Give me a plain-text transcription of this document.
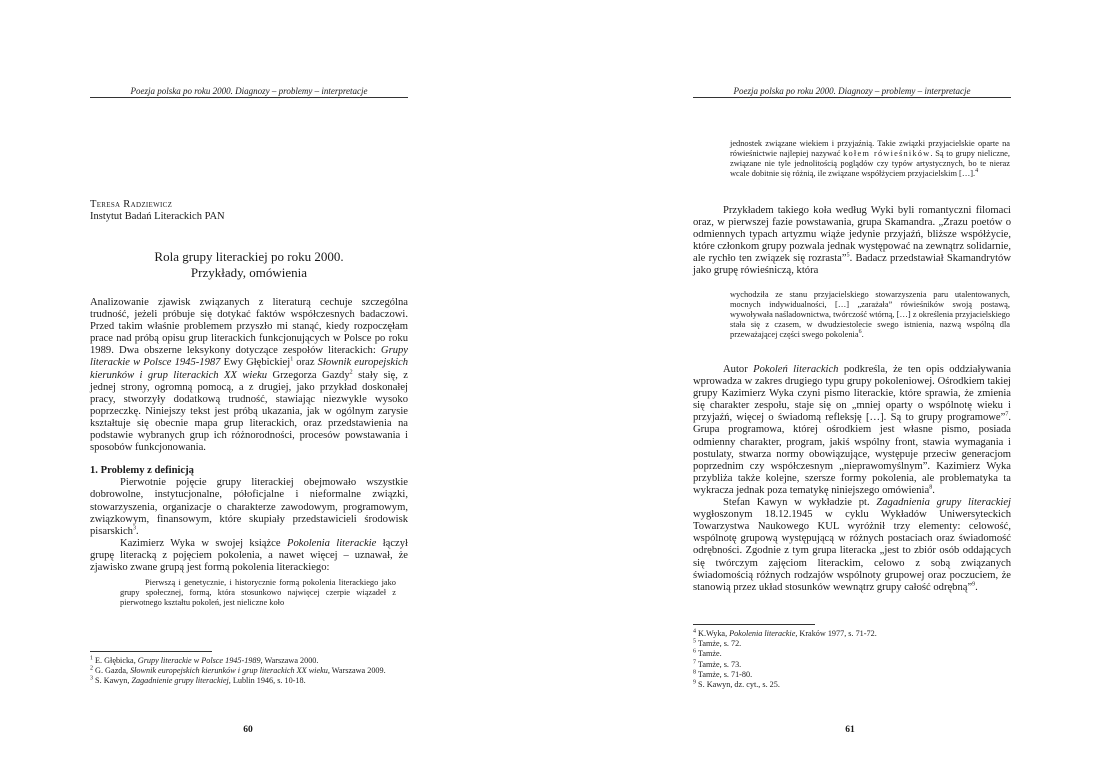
Poezja polska po roku 2000. Diagnozy – problemy – interpretacje
Teresa Radziewicz
Instytut Badań Literackich PAN
Rola grupy literackiej po roku 2000.
Przykłady, omówienia

Analizowanie zjawisk związanych z literaturą cechuje szczególna trudność, jeżeli próbuje się dotykać faktów współczesnych badaczowi. Przed takim właśnie problemem przyszło mi stanąć, kiedy rozpoczęłam prace nad próbą opisu grup literackich funkcjonujących w Polsce po roku 1989. Dwa obszerne leksykony dotyczące zespołów literackich: Grupy literackie w Polsce 1945-1987 Ewy Głębickiej$^1$ oraz Słownik europejskich kierunków i grup literackich XX wieku Grzegorza Gazdy$^2$ stały się, z jednej strony, ogromną pomocą, a z drugiej, jako przykład doskonałej pracy, stworzyły dodatkową trudność, stawiając niezwykle wysoko poprzeczkę. Niniejszy tekst jest próbą ukazania, jak w ogólnym zarysie kształtuje się obecnie mapa grup literackich, oraz przedstawienia na podstawie wybranych grup ich różnorodności, procesów powstawania i sposobów funkcjonowania.

1. Problemy z definicją

Pierwotnie pojęcie grupy literackiej obejmowało wszystkie dobrowolne, instytucjonalne, półoficjalne i nieformalne związki, stowarzyszenia, organizacje o charakterze zawodowym, programowym, związkowym, finansowym, które skupiały przedstawicieli środowisk pisarskich$^3$.

Kazimierz Wyka w swojej książce Pokolenia literackie łączył grupę literacką z pojęciem pokolenia, a nawet więcej – uznawał, że zjawisko zwane grupą jest formą pokolenia literackiego:

Pierwszą i genetycznie, i historycznie formą pokolenia literackiego jako grupy społecznej, formą, która stosunkowo najwięcej czerpie wiązadeł z pierwotnego kształtu pokoleń, jest nieliczne koło

$^1$ E. Głębicka, Grupy literackie w Polsce 1945-1989, Warszawa 2000.
$^2$ G. Gazda, Słownik europejskich kierunków i grup literackich XX wieku, Warszawa 2009.
$^3$ S. Kawyn, Zagadnienie grupy literackiej, Lublin 1946, s. 10-18.
60
Poezja polska po roku 2000. Diagnozy – problemy – interpretacje
jednostek związane wiekiem i przyjaźnią. Takie związki przyjacielskie oparte na rówieśnictwie najlepiej nazywać kołem rówieśników. Są to grupy nieliczne, związane nie tyle jednolitością poglądów czy typów artystycznych, bo te nieraz wcale dobitnie się różnią, ile związane współżyciem przyjacielskim […].$^4$

Przykładem takiego koła według Wyki byli romantyczni filomaci oraz, w pierwszej fazie powstawania, grupa Skamandra. „Zrazu poetów o odmiennych typach artyzmu wiąże jedynie przyjaźń, bliższe współżycie, które członkom grupy pozwala jednak występować na zewnątrz solidarnie, ale rychło ten związek się rozrasta”$^5$. Badacz przedstawiał Skamandrytów jako grupę rówieśniczą, która

wychodziła ze stanu przyjacielskiego stowarzyszenia paru utalentowanych, mocnych indywidualności, […] „zarażała” rówieśników swoją postawą, wywoływała naśladownictwa, twórczość wtórną, […] z określenia przyjacielskiego stała się z czasem, w dwudziestolecie swego istnienia, nazwą wspólną dla przeważającej części swego pokolenia$^6$.

Autor Pokoleń literackich podkreśla, że ten opis oddziaływania wprowadza w zakres drugiego typu grupy pokoleniowej. Ośrodkiem takiej grupy Kazimierz Wyka czyni pismo literackie, które sprawia, że zmienia się charakter zespołu, staje się on „mniej oparty o wspólnotę wieku i przyjaźń, więcej o świadomą refleksję […]. Są to grupy programowe”$^7$. Grupa programowa, której ośrodkiem jest własne pismo, posiada odmienny charakter, program, jakiś wspólny front, stawia wymagania i postulaty, stwarza normy obowiązujące, występuje przeciw generacjom poprzednim czy współczesnym „nieprawomyślnym”. Kazimierz Wyka przybliża także kolejne, szersze formy pokolenia, ale problematyka ta wykracza jednak poza tematykę niniejszego omówienia$^8$.

Stefan Kawyn w wykładzie pt. Zagadnienia grupy literackiej wygłoszonym 18.12.1945 w cyklu Wykładów Uniwersyteckich Towarzystwa Naukowego KUL wyróżnił trzy elementy: celowość, wspólnotę grupową występującą w różnych postaciach oraz świadomość odrębności. Zgodnie z tym grupa literacka „jest to zbiór osób oddających się twórczym zajęciom literackim, celowo z sobą związanych świadomością różnych rodzajów wspólnoty grupowej oraz poczuciem, że stanowią przez układ stosunków wewnątrz grupy całość odrębną”$^9$.

$^4$ K.Wyka, Pokolenia literackie, Kraków 1977, s. 71-72.
$^5$ Tamże, s. 72.
$^6$ Tamże.
$^7$ Tamże, s. 73.
$^8$ Tamże, s. 71-80.
$^9$ S. Kawyn, dz. cyt., s. 25.
61
